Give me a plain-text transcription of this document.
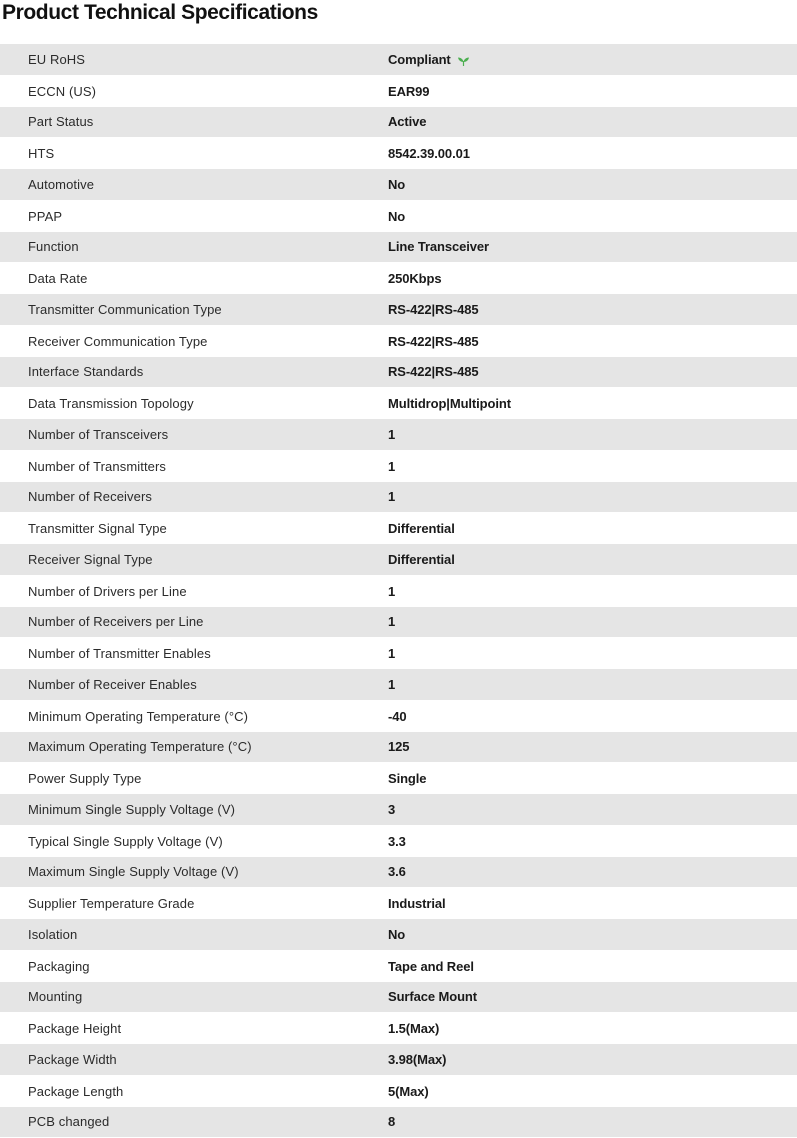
Product Technical Specifications
EU RoHS	Compliant
ECCN (US)	EAR99
Part Status	Active
HTS	8542.39.00.01
Automotive	No
PPAP	No
Function	Line Transceiver
Data Rate	250Kbps
Transmitter Communication Type	RS-422|RS-485
Receiver Communication Type	RS-422|RS-485
Interface Standards	RS-422|RS-485
Data Transmission Topology	Multidrop|Multipoint
Number of Transceivers	1
Number of Transmitters	1
Number of Receivers	1
Transmitter Signal Type	Differential
Receiver Signal Type	Differential
Number of Drivers per Line	1
Number of Receivers per Line	1
Number of Transmitter Enables	1
Number of Receiver Enables	1
Minimum Operating Temperature (°C)	-40
Maximum Operating Temperature (°C)	125
Power Supply Type	Single
Minimum Single Supply Voltage (V)	3
Typical Single Supply Voltage (V)	3.3
Maximum Single Supply Voltage (V)	3.6
Supplier Temperature Grade	Industrial
Isolation	No
Packaging	Tape and Reel
Mounting	Surface Mount
Package Height	1.5(Max)
Package Width	3.98(Max)
Package Length	5(Max)
PCB changed	8
